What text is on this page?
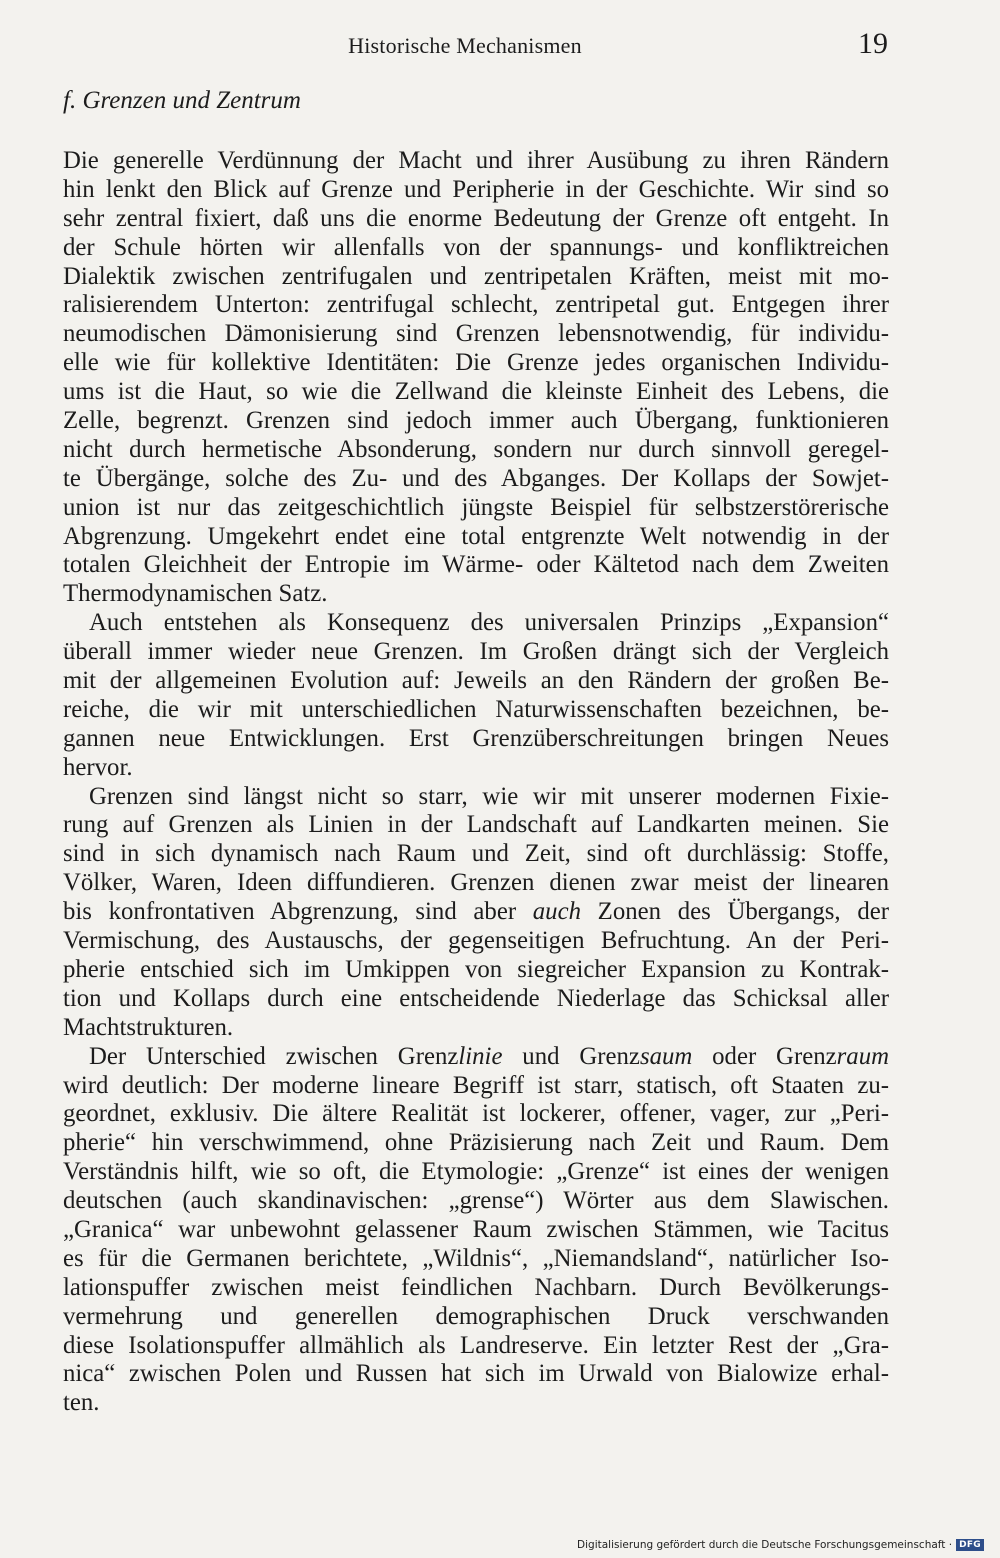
Historische Mechanismen	19
f. Grenzen und Zentrum
Die generelle Verdünnung der Macht und ihrer Ausübung zu ihren Rändern
hin lenkt den Blick auf Grenze und Peripherie in der Geschichte. Wir sind so
sehr zentral fixiert, daß uns die enorme Bedeutung der Grenze oft entgeht. In
der Schule hörten wir allenfalls von der spannungs- und konfliktreichen
Dialektik zwischen zentrifugalen und zentripetalen Kräften, meist mit mo-
ralisierendem Unterton: zentrifugal schlecht, zentripetal gut. Entgegen ihrer
neumodischen Dämonisierung sind Grenzen lebensnotwendig, für individu-
elle wie für kollektive Identitäten: Die Grenze jedes organischen Individu-
ums ist die Haut, so wie die Zellwand die kleinste Einheit des Lebens, die
Zelle, begrenzt. Grenzen sind jedoch immer auch Übergang, funktionieren
nicht durch hermetische Absonderung, sondern nur durch sinnvoll geregel-
te Übergänge, solche des Zu- und des Abganges. Der Kollaps der Sowjet-
union ist nur das zeitgeschichtlich jüngste Beispiel für selbstzerstörerische
Abgrenzung. Umgekehrt endet eine total entgrenzte Welt notwendig in der
totalen Gleichheit der Entropie im Wärme- oder Kältetod nach dem Zweiten
Thermodynamischen Satz.
Auch entstehen als Konsequenz des universalen Prinzips „Expansion“
überall immer wieder neue Grenzen. Im Großen drängt sich der Vergleich
mit der allgemeinen Evolution auf: Jeweils an den Rändern der großen Be-
reiche, die wir mit unterschiedlichen Naturwissenschaften bezeichnen, be-
gannen neue Entwicklungen. Erst Grenzüberschreitungen bringen Neues
hervor.
Grenzen sind längst nicht so starr, wie wir mit unserer modernen Fixie-
rung auf Grenzen als Linien in der Landschaft auf Landkarten meinen. Sie
sind in sich dynamisch nach Raum und Zeit, sind oft durchlässig: Stoffe,
Völker, Waren, Ideen diffundieren. Grenzen dienen zwar meist der linearen
bis konfrontativen Abgrenzung, sind aber auch Zonen des Übergangs, der
Vermischung, des Austauschs, der gegenseitigen Befruchtung. An der Peri-
pherie entschied sich im Umkippen von siegreicher Expansion zu Kontrak-
tion und Kollaps durch eine entscheidende Niederlage das Schicksal aller
Machtstrukturen.
Der Unterschied zwischen Grenzlinie und Grenzsaum oder Grenzraum
wird deutlich: Der moderne lineare Begriff ist starr, statisch, oft Staaten zu-
geordnet, exklusiv. Die ältere Realität ist lockerer, offener, vager, zur „Peri-
pherie“ hin verschwimmend, ohne Präzisierung nach Zeit und Raum. Dem
Verständnis hilft, wie so oft, die Etymologie: „Grenze“ ist eines der wenigen
deutschen (auch skandinavischen: „grense“) Wörter aus dem Slawischen.
„Granica“ war unbewohnt gelassener Raum zwischen Stämmen, wie Tacitus
es für die Germanen berichtete, „Wildnis“, „Niemandsland“, natürlicher Iso-
lationspuffer zwischen meist feindlichen Nachbarn. Durch Bevölkerungs-
vermehrung und generellen demographischen Druck verschwanden
diese Isolationspuffer allmählich als Landreserve. Ein letzter Rest der „Gra-
nica“ zwischen Polen und Russen hat sich im Urwald von Bialowize erhal-
ten.
Digitalisierung gefördert durch die Deutsche Forschungsgemeinschaft · DFG
